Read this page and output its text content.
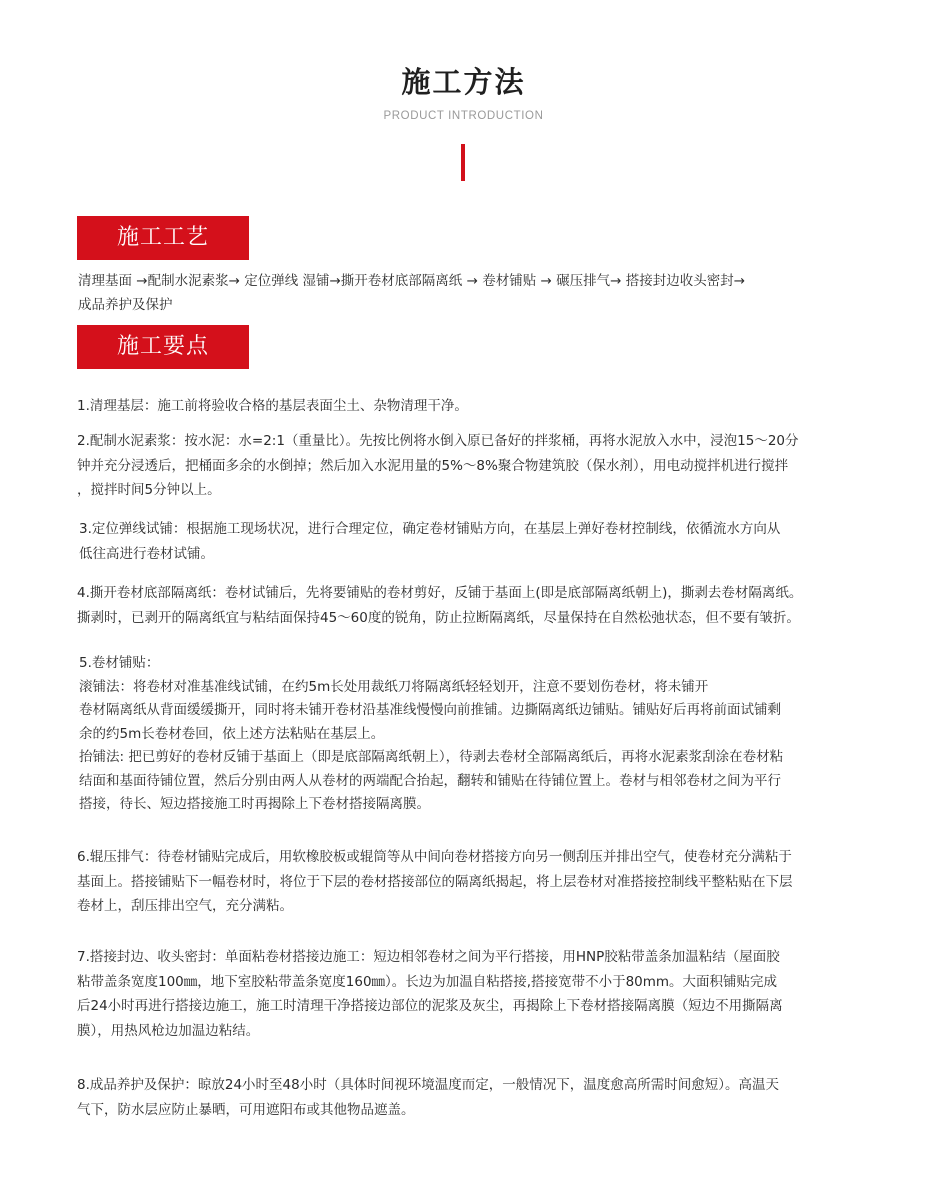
施工方法
PRODUCT INTRODUCTION
施工工艺
清理基面 →配制水泥素浆→ 定位弹线 湿铺→撕开卷材底部隔离纸 → 卷材铺贴 → 碾压排气→ 搭接封边收头密封→
成品养护及保护
施工要点
1.清理基层：施工前将验收合格的基层表面尘土、杂物清理干净。
2.配制水泥素浆：按水泥：水=2:1（重量比）。先按比例将水倒入原已备好的拌浆桶，再将水泥放入水中，浸泡15～20分
钟并充分浸透后，把桶面多余的水倒掉；然后加入水泥用量的5%～8%聚合物建筑胶（保水剂），用电动搅拌机进行搅拌
，搅拌时间5分钟以上。
3.定位弹线试铺：根据施工现场状况，进行合理定位，确定卷材铺贴方向，在基层上弹好卷材控制线，依循流水方向从
低往高进行卷材试铺。
4.撕开卷材底部隔离纸：卷材试铺后，先将要铺贴的卷材剪好，反铺于基面上(即是底部隔离纸朝上)，撕剥去卷材隔离纸。
撕剥时，已剥开的隔离纸宜与粘结面保持45～60度的锐角，防止拉断隔离纸，尽量保持在自然松弛状态，但不要有皱折。
5.卷材铺贴：
滚铺法：将卷材对准基准线试铺，在约5m长处用裁纸刀将隔离纸轻轻划开，注意不要划伤卷材，将未铺开
卷材隔离纸从背面缓缓撕开，同时将未铺开卷材沿基准线慢慢向前推铺。边撕隔离纸边铺贴。铺贴好后再将前面试铺剩
余的约5m长卷材卷回，依上述方法粘贴在基层上。
抬铺法: 把已剪好的卷材反铺于基面上（即是底部隔离纸朝上），待剥去卷材全部隔离纸后，再将水泥素浆刮涂在卷材粘
结面和基面待铺位置，然后分别由两人从卷材的两端配合抬起，翻转和铺贴在待铺位置上。卷材与相邻卷材之间为平行
搭接，待长、短边搭接施工时再揭除上下卷材搭接隔离膜。
6.辊压排气：待卷材铺贴完成后，用软橡胶板或辊筒等从中间向卷材搭接方向另一侧刮压并排出空气，使卷材充分满粘于
基面上。搭接铺贴下一幅卷材时，将位于下层的卷材搭接部位的隔离纸揭起，将上层卷材对准搭接控制线平整粘贴在下层
卷材上，刮压排出空气，充分满粘。
7.搭接封边、收头密封：单面粘卷材搭接边施工：短边相邻卷材之间为平行搭接，用HNP胶粘带盖条加温粘结（屋面胶
粘带盖条宽度100㎜，地下室胶粘带盖条宽度160㎜）。长边为加温自粘搭接,搭接宽带不小于80mm。大面积铺贴完成
后24小时再进行搭接边施工，施工时清理干净搭接边部位的泥浆及灰尘，再揭除上下卷材搭接隔离膜（短边不用撕隔离
膜），用热风枪边加温边粘结。
8.成品养护及保护：晾放24小时至48小时（具体时间视环境温度而定，一般情况下，温度愈高所需时间愈短）。高温天
气下，防水层应防止暴晒，可用遮阳布或其他物品遮盖。
